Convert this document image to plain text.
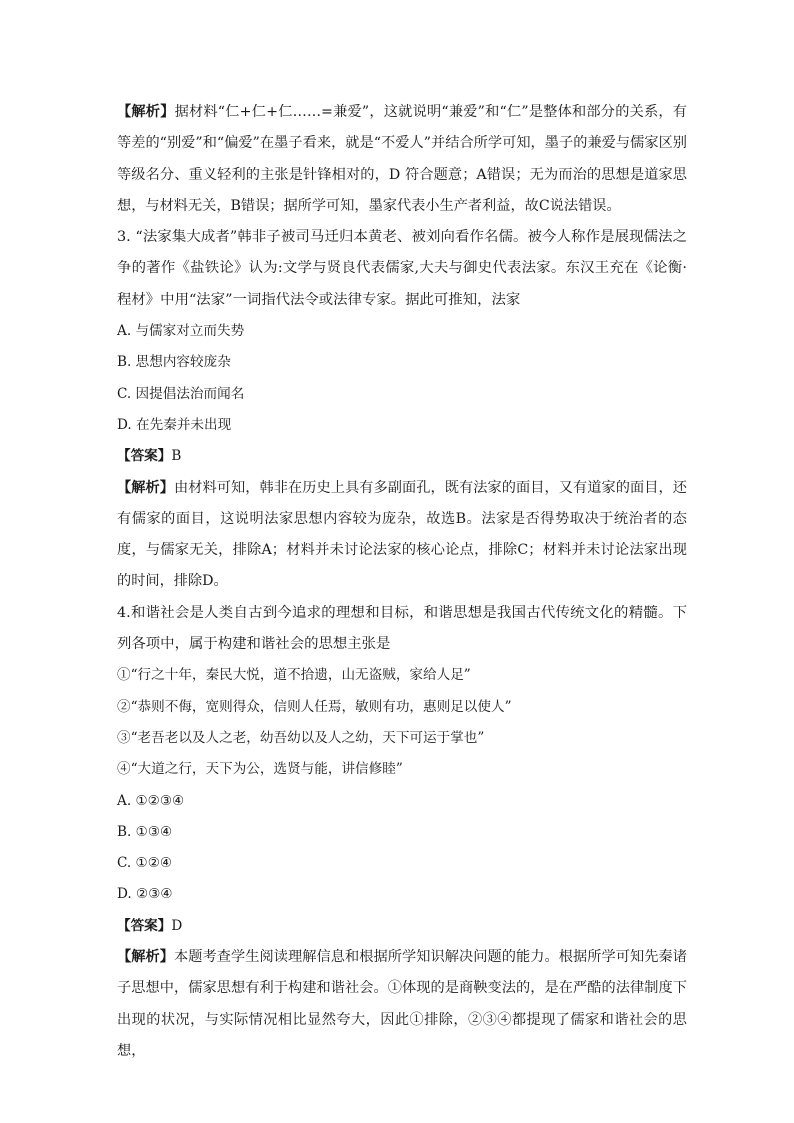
【解析】据材料“仁+仁+仁……=兼爱”，这就说明“兼爱”和“仁”是整体和部分的关系，有等差的“别爱”和“偏爱”在墨子看来，就是“不爱人”并结合所学可知，墨子的兼爱与儒家区别等级名分、重义轻利的主张是针锋相对的，D 符合题意；A错误；无为而治的思想是道家思想，与材料无关，B错误；据所学可知，墨家代表小生产者利益，故C说法错误。

3. “法家集大成者”韩非子被司马迁归本黄老、被刘向看作名儒。被今人称作是展现儒法之争的著作《盐铁论》认为:文学与贤良代表儒家,大夫与御史代表法家。东汉王充在《论衡·程材》中用“法家”一词指代法令或法律专家。据此可推知，法家

A. 与儒家对立而失势

B. 思想内容较庞杂

C. 因提倡法治而闻名

D. 在先秦并未出现

【答案】B

【解析】由材料可知，韩非在历史上具有多副面孔，既有法家的面目，又有道家的面目，还有儒家的面目，这说明法家思想内容较为庞杂，故选B。法家是否得势取决于统治者的态度，与儒家无关，排除A；材料并未讨论法家的核心论点，排除C；材料并未讨论法家出现的时间，排除D。

4.和谐社会是人类自古到今追求的理想和目标，和谐思想是我国古代传统文化的精髓。下列各项中，属于构建和谐社会的思想主张是

①“行之十年，秦民大悦，道不拾遗，山无盗贼，家给人足”

②“恭则不侮，宽则得众，信则人任焉，敏则有功，惠则足以使人”

③“老吾老以及人之老，幼吾幼以及人之幼，天下可运于掌也”

④“大道之行，天下为公，选贤与能，讲信修睦”

A. ①②③④

B. ①③④

C. ①②④

D. ②③④

【答案】D

【解析】本题考查学生阅读理解信息和根据所学知识解决问题的能力。根据所学可知先秦诸子思想中，儒家思想有利于构建和谐社会。①体现的是商鞅变法的，是在严酷的法律制度下出现的状况，与实际情况相比显然夸大，因此①排除，②③④都提现了儒家和谐社会的思想，
